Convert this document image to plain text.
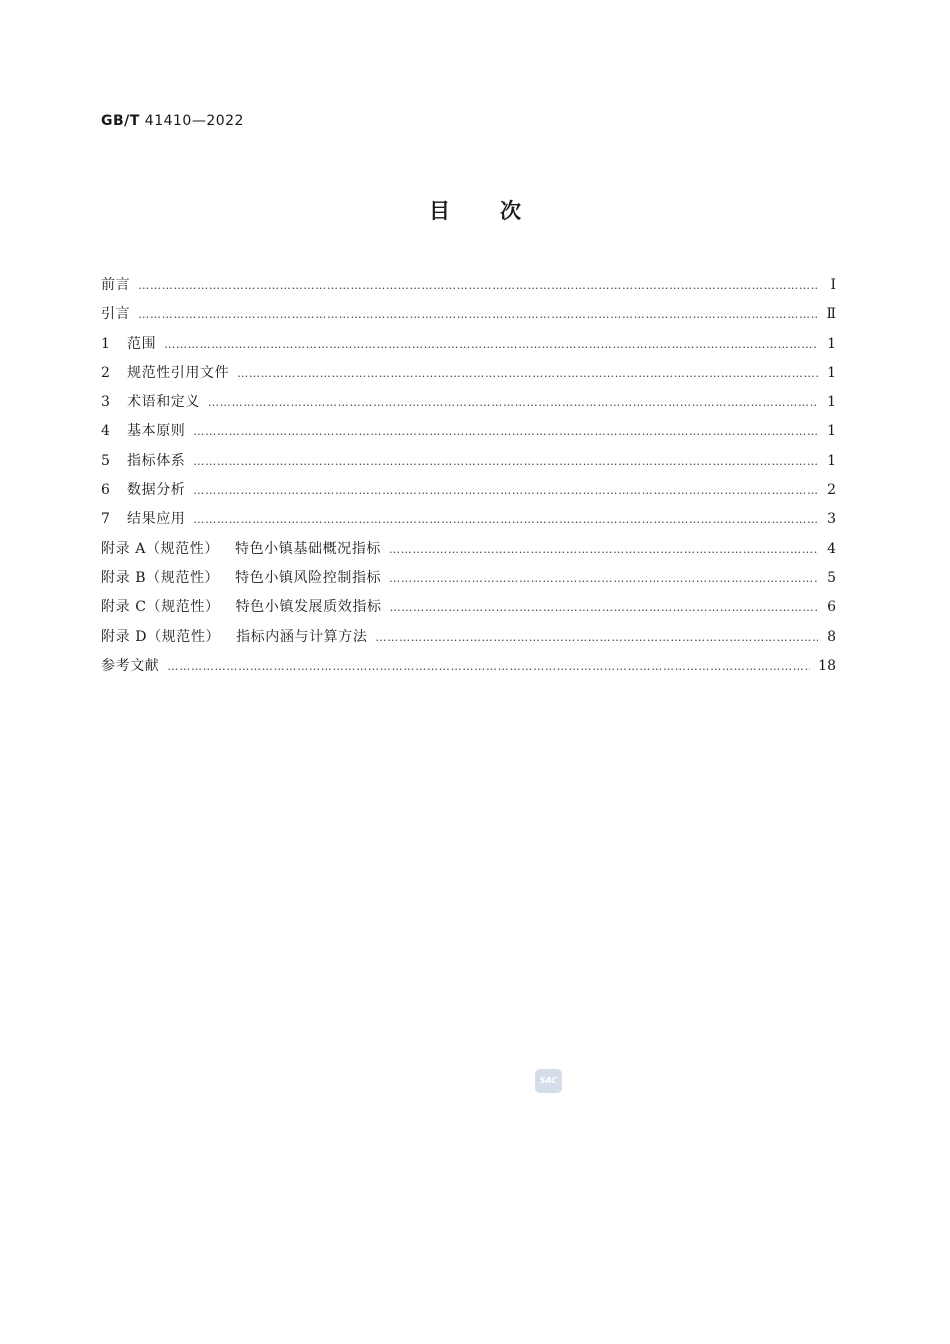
GB/T 41410—2022
目 次
前言 ……………………………………………………………………………………………………………………………………………………………………………………………………………	Ⅰ
引言 ……………………………………………………………………………………………………………………………………………………………………………………………………………	Ⅱ
1 范围 ……………………………………………………………………………………………………………………………………………………………………………………………………………	1
2 规范性引用文件 ……………………………………………………………………………………………………………………………………………………………………………………………………………	1
3 术语和定义 ……………………………………………………………………………………………………………………………………………………………………………………………………………	1
4 基本原则 ……………………………………………………………………………………………………………………………………………………………………………………………………………	1
5 指标体系 ……………………………………………………………………………………………………………………………………………………………………………………………………………	1
6 数据分析 ……………………………………………………………………………………………………………………………………………………………………………………………………………	2
7 结果应用 ……………………………………………………………………………………………………………………………………………………………………………………………………………	3
附录 A（规范性） 特色小镇基础概况指标 ……………………………………………………………………………………………………………………………………………………………………………………………………………	4
附录 B（规范性） 特色小镇风险控制指标 ……………………………………………………………………………………………………………………………………………………………………………………………………………	5
附录 C（规范性） 特色小镇发展质效指标 ……………………………………………………………………………………………………………………………………………………………………………………………………………	6
附录 D（规范性） 指标内涵与计算方法 ……………………………………………………………………………………………………………………………………………………………………………………………………………	8
参考文献 ……………………………………………………………………………………………………………………………………………………………………………………………………………	18
SAC
